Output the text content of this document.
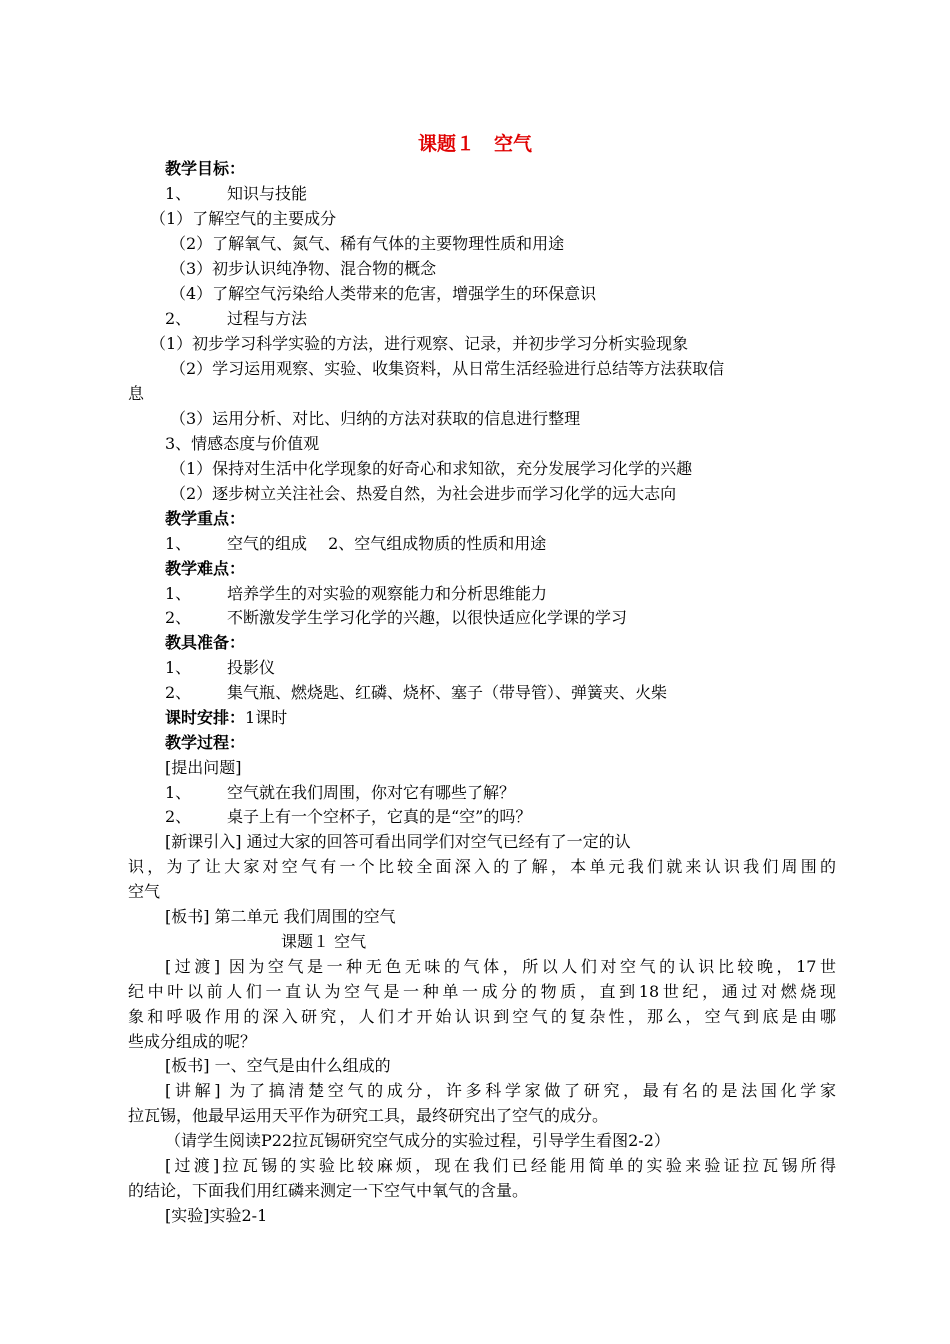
课题１　空气
教学目标：
1、 知识与技能
（1）了解空气的主要成分
（2）了解氧气、氮气、稀有气体的主要物理性质和用途
（3）初步认识纯净物、混合物的概念
（4）了解空气污染给人类带来的危害，增强学生的环保意识
2、 过程与方法
（1）初步学习科学实验的方法，进行观察、记录，并初步学习分析实验现象
（2）学习运用观察、实验、收集资料，从日常生活经验进行总结等方法获取信
息
（3）运用分析、对比、归纳的方法对获取的信息进行整理
3、情感态度与价值观
（1）保持对生活中化学现象的好奇心和求知欲，充分发展学习化学的兴趣
（2）逐步树立关注社会、热爱自然，为社会进步而学习化学的远大志向
教学重点：
1、 空气的组成　 2、空气组成物质的性质和用途
教学难点：
1、 培养学生的对实验的观察能力和分析思维能力
2、 不断激发学生学习化学的兴趣，以很快适应化学课的学习
教具准备：
1、 投影仪
2、 集气瓶、燃烧匙、红磷、烧杯、塞子（带导管）、弹簧夹、火柴
课时安排：1课时
教学过程：
[提出问题]
1、 空气就在我们周围，你对它有哪些了解？
2、 桌子上有一个空杯子，它真的是“空”的吗？
[新课引入] 通过大家的回答可看出同学们对空气已经有了一定的认
识，为了让大家对空气有一个比较全面深入的了解，本单元我们就来认识我们周围的
空气
[板书] 第二单元 我们周围的空气
课题１ 空气
[过渡] 因为空气是一种无色无味的气体，所以人们对空气的认识比较晚，17世
纪中叶以前人们一直认为空气是一种单一成分的物质，直到18世纪，通过对燃烧现
象和呼吸作用的深入研究，人们才开始认识到空气的复杂性，那么，空气到底是由哪
些成分组成的呢？
[板书] 一、空气是由什么组成的
[讲解] 为了搞清楚空气的成分，许多科学家做了研究，最有名的是法国化学家
拉瓦锡，他最早运用天平作为研究工具，最终研究出了空气的成分。
（请学生阅读P22拉瓦锡研究空气成分的实验过程，引导学生看图2-2）
[过渡]拉瓦锡的实验比较麻烦，现在我们已经能用简单的实验来验证拉瓦锡所得
的结论，下面我们用红磷来测定一下空气中氧气的含量。
[实验]实验2-1
